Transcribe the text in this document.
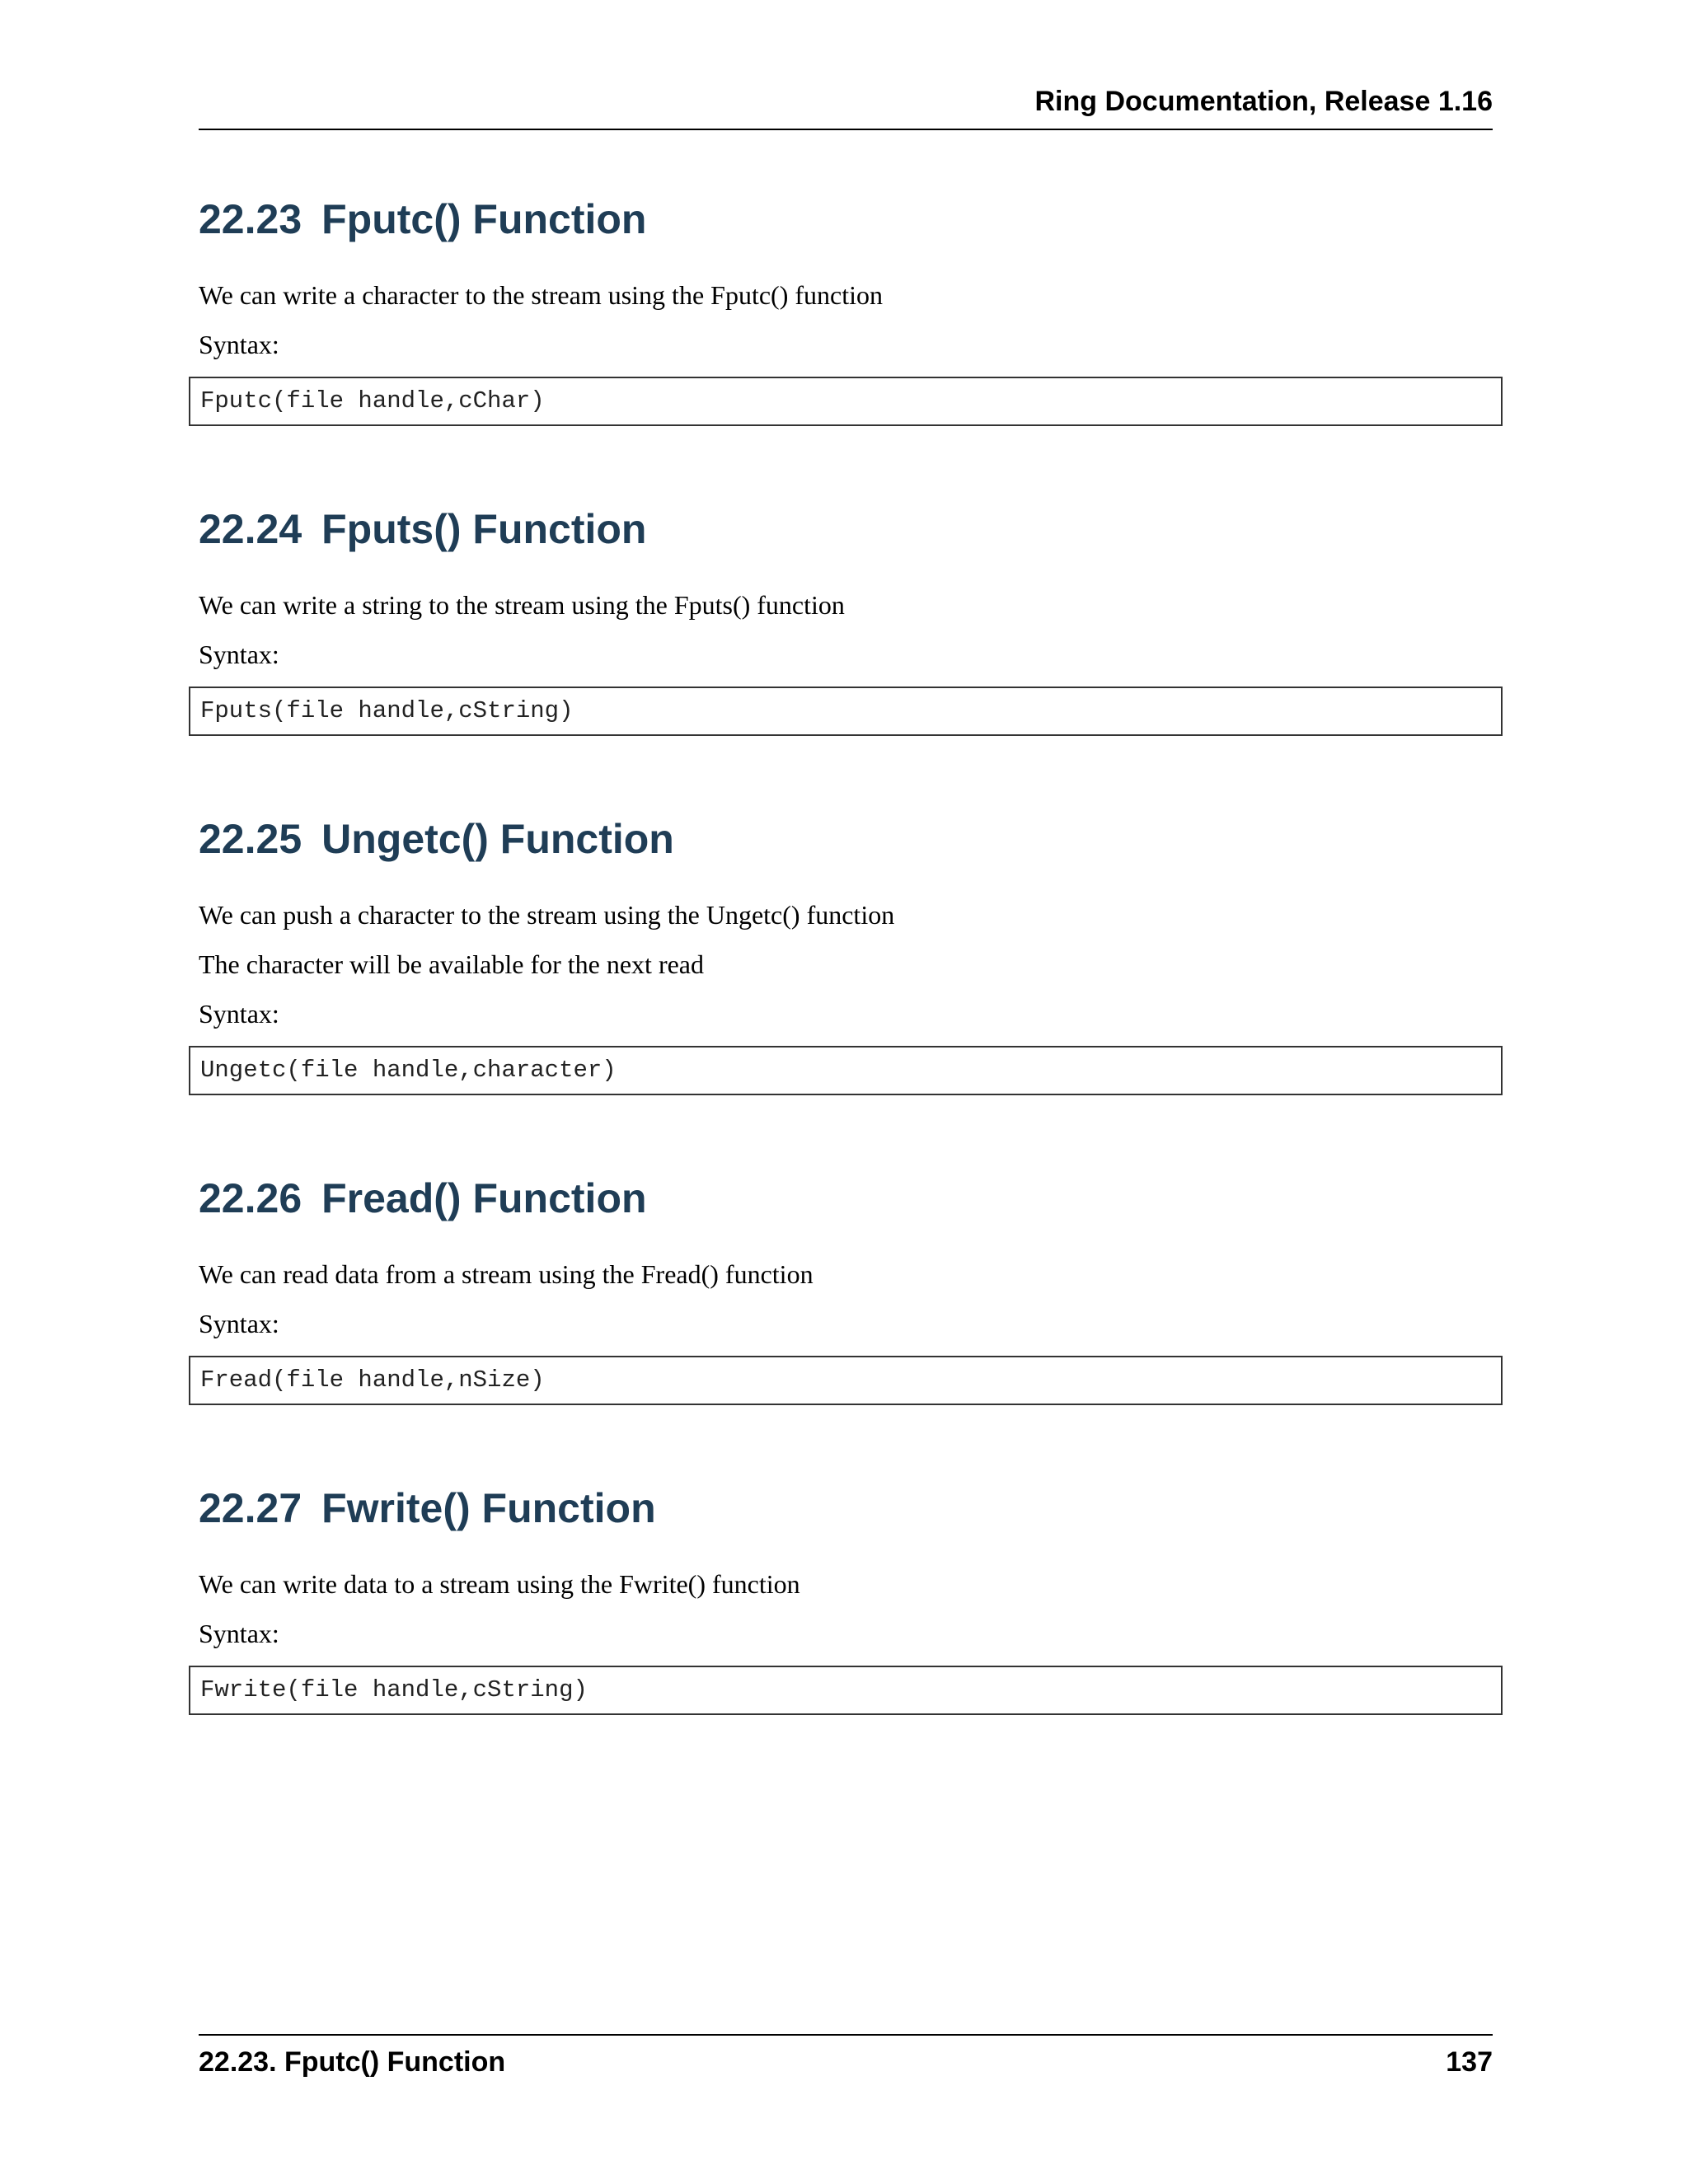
Ring Documentation, Release 1.16
22.23 Fputc() Function

We can write a character to the stream using the Fputc() function

Syntax:

Fputc(file handle,cChar)
22.24 Fputs() Function

We can write a string to the stream using the Fputs() function

Syntax:

Fputs(file handle,cString)
22.25 Ungetc() Function

We can push a character to the stream using the Ungetc() function

The character will be available for the next read

Syntax:

Ungetc(file handle,character)
22.26 Fread() Function

We can read data from a stream using the Fread() function

Syntax:

Fread(file handle,nSize)
22.27 Fwrite() Function

We can write data to a stream using the Fwrite() function

Syntax:

Fwrite(file handle,cString)
22.23. Fputc() Function	137
